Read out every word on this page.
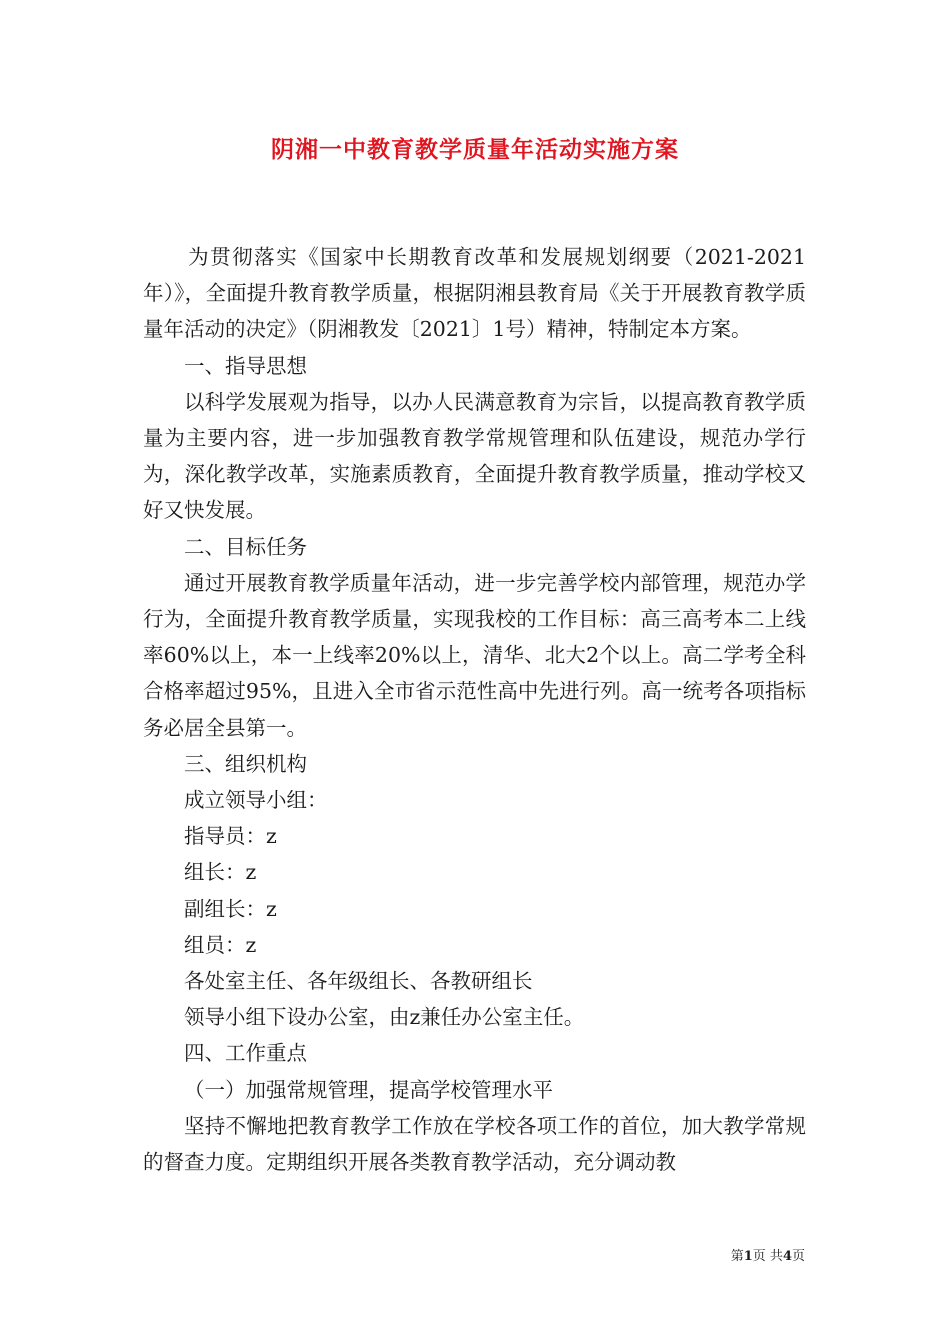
阴湘一中教育教学质量年活动实施方案

为贯彻落实《国家中长期教育改革和发展规划纲要（2021-2021年）》，全面提升教育教学质量，根据阴湘县教育局《关于开展教育教学质量年活动的决定》（阴湘教发〔2021〕1号）精神，特制定本方案。

一、指导思想

以科学发展观为指导，以办人民满意教育为宗旨，以提高教育教学质量为主要内容，进一步加强教育教学常规管理和队伍建设，规范办学行为，深化教学改革，实施素质教育，全面提升教育教学质量，推动学校又好又快发展。

二、目标任务

通过开展教育教学质量年活动，进一步完善学校内部管理，规范办学行为，全面提升教育教学质量，实现我校的工作目标：高三高考本二上线率60%以上，本一上线率20%以上，清华、北大2个以上。高二学考全科合格率超过95%，且进入全市省示范性高中先进行列。高一统考各项指标务必居全县第一。

三、组织机构

成立领导小组：

指导员：z

组长：z

副组长：z

组员：z

各处室主任、各年级组长、各教研组长

领导小组下设办公室，由z兼任办公室主任。

四、工作重点

（一）加强常规管理，提高学校管理水平

坚持不懈地把教育教学工作放在学校各项工作的首位，加大教学常规的督查力度。定期组织开展各类教育教学活动，充分调动教

第1页 共4页
